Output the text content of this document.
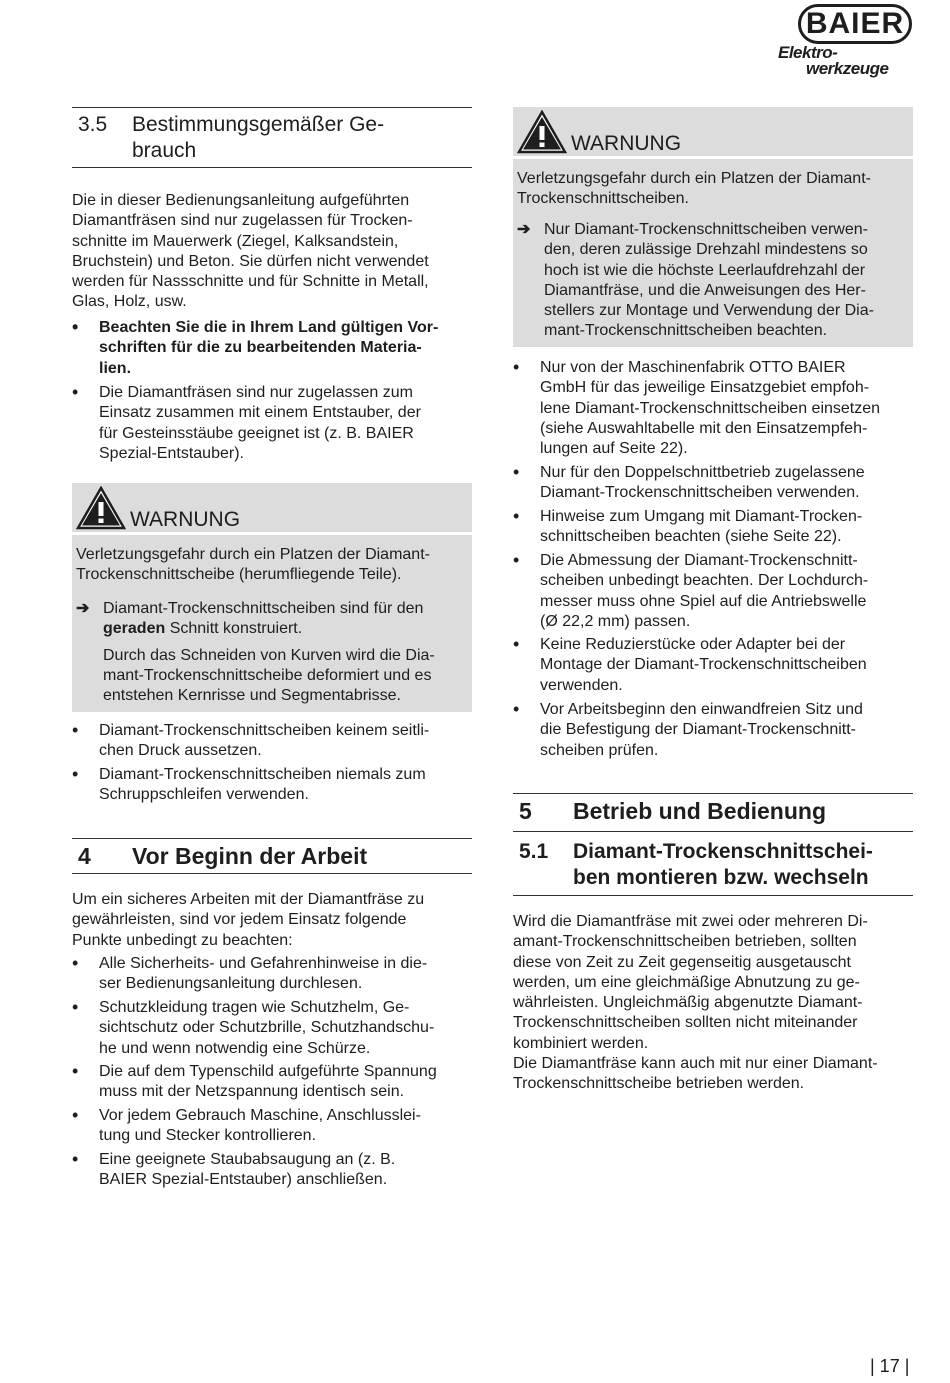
BAIER
Elektro-
werkzeuge
3.5 Bestimmungsgemäßer Ge-
brauch
Die in dieser Bedienungsanleitung aufgeführten
Diamantfräsen sind nur zugelassen für Trocken-
schnitte im Mauerwerk (Ziegel, Kalksandstein,
Bruchstein) und Beton. Sie dürfen nicht verwendet
werden für Nassschnitte und für Schnitte in Metall,
Glas, Holz, usw.
• Beachten Sie die in Ihrem Land gültigen Vor-
schriften für die zu bearbeitenden Materia-
lien.
• Die Diamantfräsen sind nur zugelassen zum
Einsatz zusammen mit einem Entstauber, der
für Gesteinsstäube geeignet ist (z. B. BAIER
Spezial-Entstauber).
WARNUNG
Verletzungsgefahr durch ein Platzen der Diamant-
Trockenschnittscheibe (herumfliegende Teile).
➔ Diamant-Trockenschnittscheiben sind für den
geraden Schnitt konstruiert.
Durch das Schneiden von Kurven wird die Dia-
mant-Trockenschnittscheibe deformiert und es
entstehen Kernrisse und Segmentabrisse.
• Diamant-Trockenschnittscheiben keinem seitli-
chen Druck aussetzen.
• Diamant-Trockenschnittscheiben niemals zum
Schruppschleifen verwenden.
4 Vor Beginn der Arbeit
Um ein sicheres Arbeiten mit der Diamantfräse zu
gewährleisten, sind vor jedem Einsatz folgende
Punkte unbedingt zu beachten:
• Alle Sicherheits- und Gefahrenhinweise in die-
ser Bedienungsanleitung durchlesen.
• Schutzkleidung tragen wie Schutzhelm, Ge-
sichtschutz oder Schutzbrille, Schutzhandschu-
he und wenn notwendig eine Schürze.
• Die auf dem Typenschild aufgeführte Spannung
muss mit der Netzspannung identisch sein.
• Vor jedem Gebrauch Maschine, Anschlusslei-
tung und Stecker kontrollieren.
• Eine geeignete Staubabsaugung an (z. B.
BAIER Spezial-Entstauber) anschließen.
WARNUNG
Verletzungsgefahr durch ein Platzen der Diamant-
Trockenschnittscheiben.
➔ Nur Diamant-Trockenschnittscheiben verwen-
den, deren zulässige Drehzahl mindestens so
hoch ist wie die höchste Leerlaufdrehzahl der
Diamantfräse, und die Anweisungen des Her-
stellers zur Montage und Verwendung der Dia-
mant-Trockenschnittscheiben beachten.
• Nur von der Maschinenfabrik OTTO BAIER
GmbH für das jeweilige Einsatzgebiet empfoh-
lene Diamant-Trockenschnittscheiben einsetzen
(siehe Auswahltabelle mit den Einsatzempfeh-
lungen auf Seite 22).
• Nur für den Doppelschnittbetrieb zugelassene
Diamant-Trockenschnittscheiben verwenden.
• Hinweise zum Umgang mit Diamant-Trocken-
schnittscheiben beachten (siehe Seite 22).
• Die Abmessung der Diamant-Trockenschnitt-
scheiben unbedingt beachten. Der Lochdurch-
messer muss ohne Spiel auf die Antriebswelle
(Ø 22,2 mm) passen.
• Keine Reduzierstücke oder Adapter bei der
Montage der Diamant-Trockenschnittscheiben
verwenden.
• Vor Arbeitsbeginn den einwandfreien Sitz und
die Befestigung der Diamant-Trockenschnitt-
scheiben prüfen.
5 Betrieb und Bedienung
5.1 Diamant-Trockenschnittschei-
ben montieren bzw. wechseln
Wird die Diamantfräse mit zwei oder mehreren Di-
amant-Trockenschnittscheiben betrieben, sollten
diese von Zeit zu Zeit gegenseitig ausgetauscht
werden, um eine gleichmäßige Abnutzung zu ge-
währleisten. Ungleichmäßig abgenutzte Diamant-
Trockenschnittscheiben sollten nicht miteinander
kombiniert werden.
Die Diamantfräse kann auch mit nur einer Diamant-
Trockenschnittscheibe betrieben werden.
| 17 |
